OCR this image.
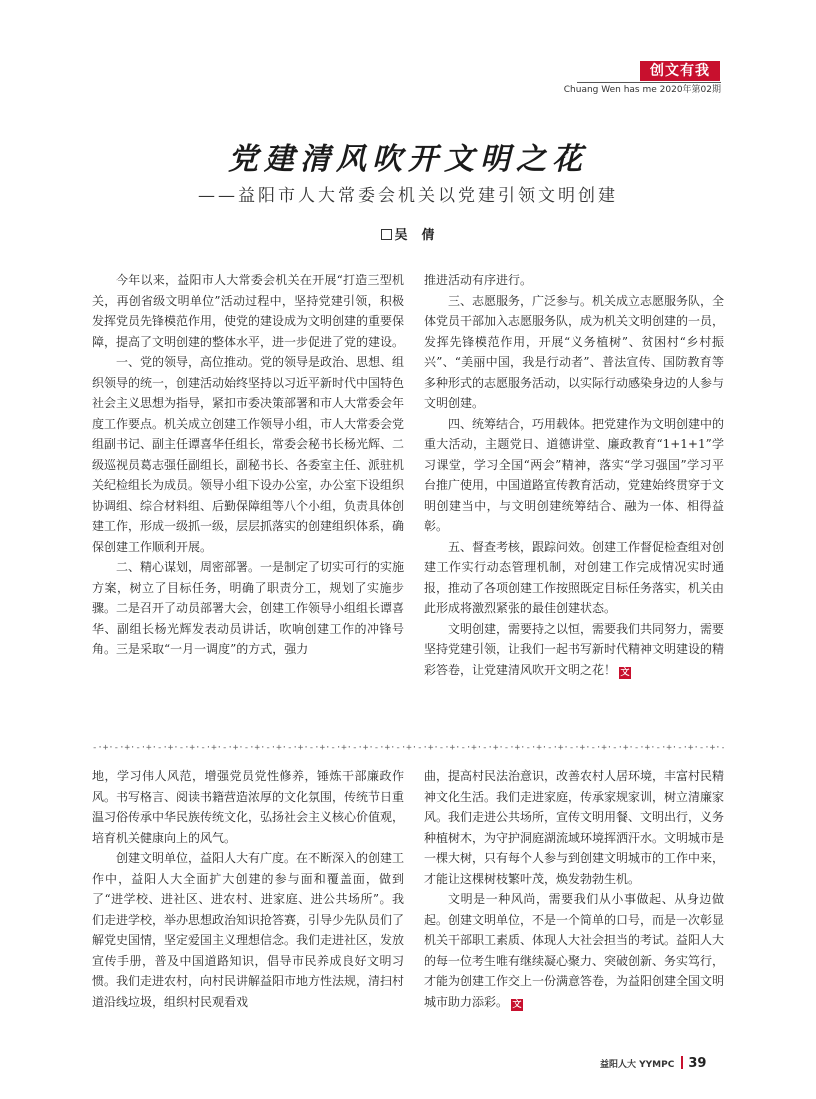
创文有我
Chuang Wen has me 2020年第02期
党建清风吹开文明之花
——益阳市人大常委会机关以党建引领文明创建
吴 倩

今年以来，益阳市人大常委会机关在开展“打造三型机关，再创省级文明单位”活动过程中，坚持党建引领，积极发挥党员先锋模范作用，使党的建设成为文明创建的重要保障，提高了文明创建的整体水平，进一步促进了党的建设。

一、党的领导，高位推动。党的领导是政治、思想、组织领导的统一，创建活动始终坚持以习近平新时代中国特色社会主义思想为指导，紧扣市委决策部署和市人大常委会年度工作要点。机关成立创建工作领导小组，市人大常委会党组副书记、副主任谭喜华任组长，常委会秘书长杨光辉、二级巡视员葛志强任副组长，副秘书长、各委室主任、派驻机关纪检组长为成员。领导小组下设办公室，办公室下设组织协调组、综合材料组、后勤保障组等八个小组，负责具体创建工作，形成一级抓一级，层层抓落实的创建组织体系，确保创建工作顺利开展。

二、精心谋划，周密部署。一是制定了切实可行的实施方案，树立了目标任务，明确了职责分工，规划了实施步骤。二是召开了动员部署大会，创建工作领导小组组长谭喜华、副组长杨光辉发表动员讲话，吹响创建工作的冲锋号角。三是采取“一月一调度”的方式，强力

推进活动有序进行。

三、志愿服务，广泛参与。机关成立志愿服务队，全体党员干部加入志愿服务队，成为机关文明创建的一员，发挥先锋模范作用，开展“义务植树”、贫困村“乡村振兴”、“美丽中国，我是行动者”、普法宣传、国防教育等多种形式的志愿服务活动，以实际行动感染身边的人参与文明创建。

四、统筹结合，巧用载体。把党建作为文明创建中的重大活动，主题党日、道德讲堂、廉政教育“1+1+1”学习课堂，学习全国“两会”精神，落实“学习强国”学习平台推广使用，中国道路宣传教育活动，党建始终贯穿于文明创建当中，与文明创建统筹结合、融为一体、相得益彰。

五、督查考核，跟踪问效。创建工作督促检查组对创建工作实行动态管理机制，对创建工作完成情况实时通报，推动了各项创建工作按照既定目标任务落实，机关由此形成将激烈紧张的最佳创建状态。

文明创建，需要持之以恒，需要我们共同努力，需要坚持党建引领，让我们一起书写新时代精神文明建设的精彩答卷，让党建清风吹开文明之花！ 文

-·+·-·+·-·+·-·+·-·+·-·+·-·+·-·+·-·+·-·+·-·+·-·+·-·+·-·+·-·+·-·+·-·+·-·+·-·+·-·+·-·+·-·+·-·+·-·+·-·+·-·+·-·+·-·+·-·+·-·+·-·+·-·+·-·+·-·+·-·+·-·+·-·+·-·+·-·+·-·+·-·+·-·+·-·+·-·+·-·+·-·+·-·+·-·+·-·+·-·+·-·+·-·+·-·+·-·+·-·+·-·+·-·+·-·+

地，学习伟人风范，增强党员党性修养，锤炼干部廉政作风。书写格言、阅读书籍营造浓厚的文化氛围，传统节日重温习俗传承中华民族传统文化，弘扬社会主义核心价值观，培育机关健康向上的风气。

创建文明单位，益阳人大有广度。在不断深入的创建工作中，益阳人大全面扩大创建的参与面和覆盖面，做到了“进学校、进社区、进农村、进家庭、进公共场所”。我们走进学校，举办思想政治知识抢答赛，引导少先队员们了解党史国情，坚定爱国主义理想信念。我们走进社区，发放宣传手册，普及中国道路知识，倡导市民养成良好文明习惯。我们走进农村，向村民讲解益阳市地方性法规，清扫村道沿线垃圾，组织村民观看戏

曲，提高村民法治意识，改善农村人居环境，丰富村民精神文化生活。我们走进家庭，传承家规家训，树立清廉家风。我们走进公共场所，宣传文明用餐、文明出行，义务种植树木，为守护洞庭湖流域环境挥洒汗水。文明城市是一棵大树，只有每个人参与到创建文明城市的工作中来，才能让这棵树枝繁叶茂，焕发勃勃生机。

文明是一种风尚，需要我们从小事做起、从身边做起。创建文明单位，不是一个简单的口号，而是一次彰显机关干部职工素质、体现人大社会担当的考试。益阳人大的每一位考生唯有继续凝心聚力、突破创新、务实笃行，才能为创建工作交上一份满意答卷，为益阳创建全国文明城市助力添彩。 文

益阳人大 YYMPC 39
